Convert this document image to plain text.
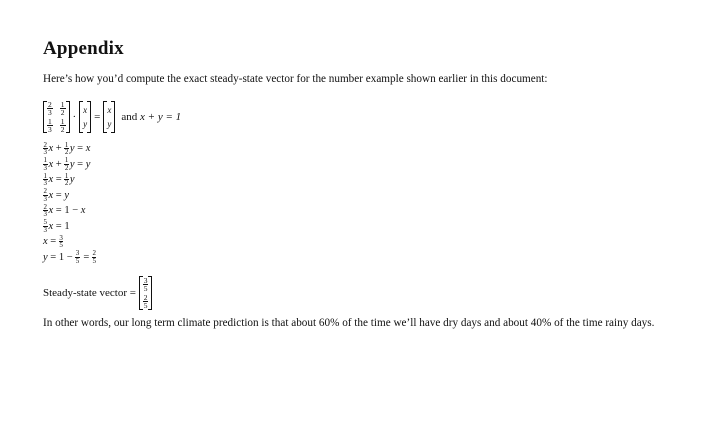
Appendix
Here’s how you’d compute the exact steady-state vector for the number example shown earlier in this document:
$\frac{2}{3} \frac{1}{2}$
$\frac{1}{3} \frac{1}{2}$
·
x
y
=
x
y
and x + y = 1
2
3 x + 1
2 y = x
1
3 x + 1
2 y = y
1
3 x = 1
2 y
2
3 x = y
2
3 x = 1 − x
5
3 x = 1
x = 3
5
y = 1 − 3
5 = 2
5
Steady-state vector =

$\frac{3}{5}$
$\frac{2}{5}$
In other words, our long term climate prediction is that about 60% of the time we’ll have dry days and about 40% of the time rainy days.
